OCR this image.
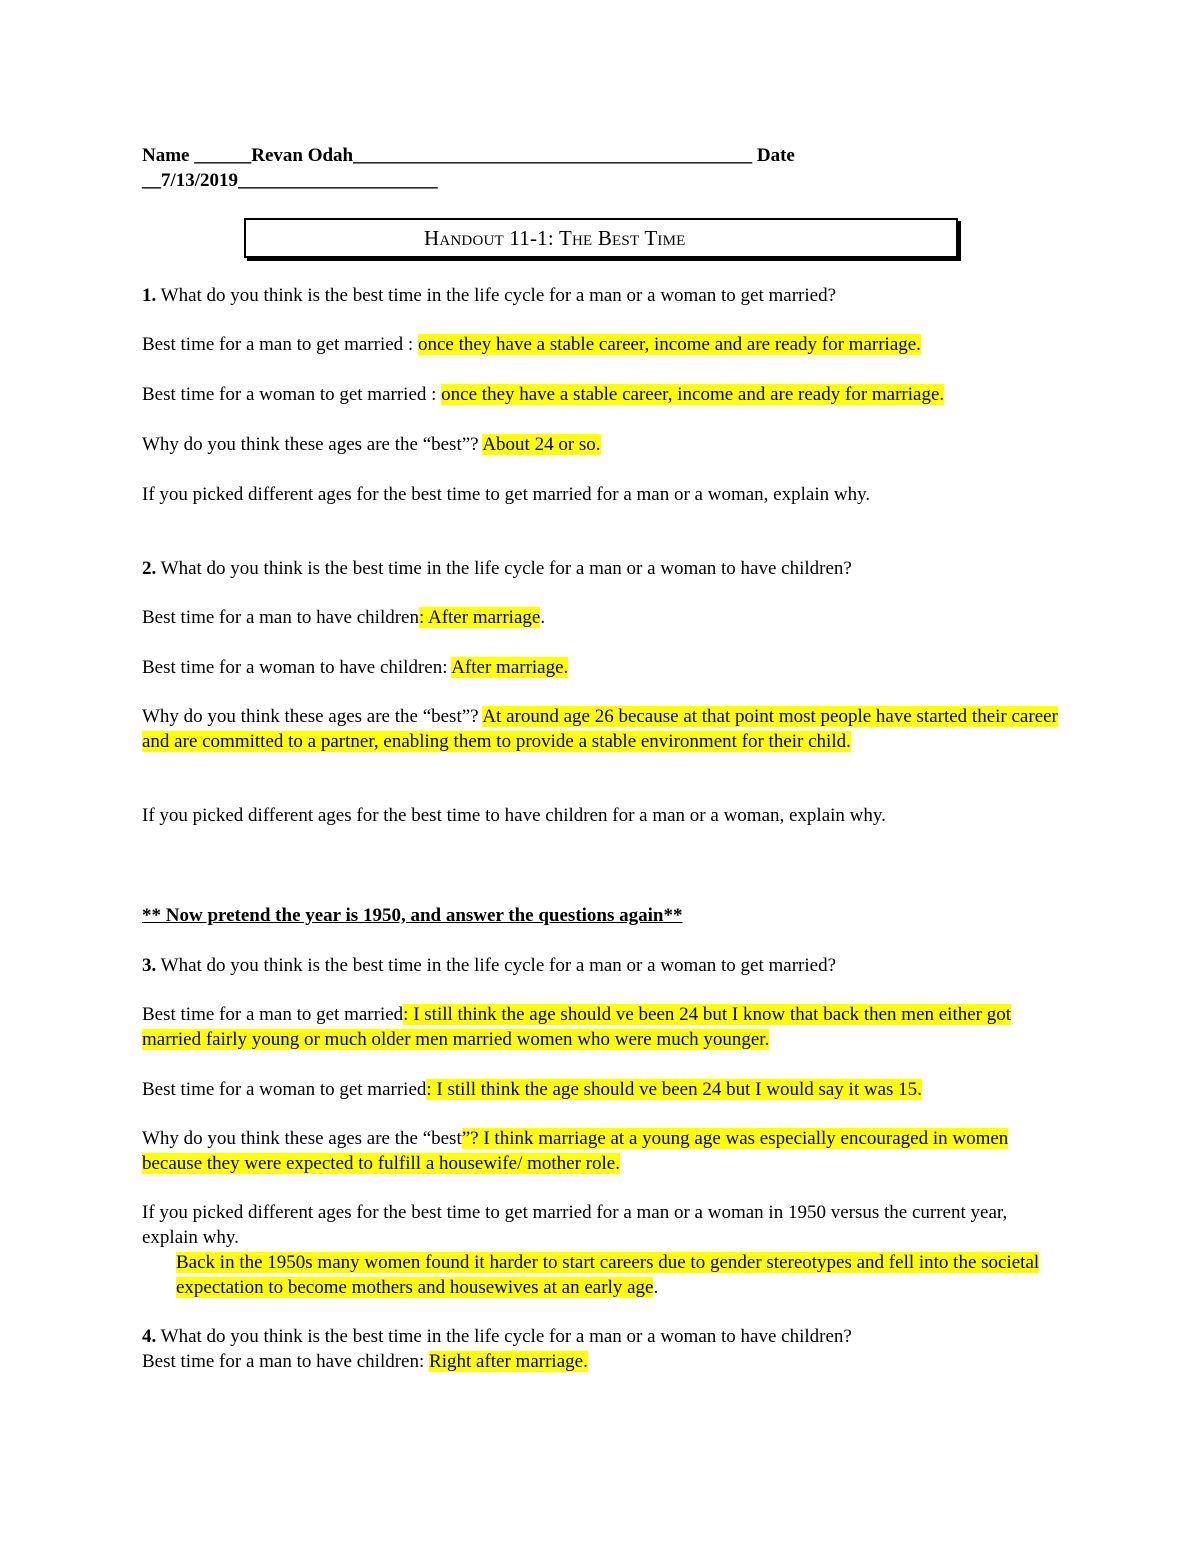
Name ______Revan Odah__________________________________________ Date
__7/13/2019_____________________
Handout 11-1: The Best Time
1. What do you think is the best time in the life cycle for a man or a woman to get married?
Best time for a man to get married : once they have a stable career, income and are ready for marriage.
Best time for a woman to get married : once they have a stable career, income and are ready for marriage.
Why do you think these ages are the “best”? About 24 or so.
If you picked different ages for the best time to get married for a man or a woman, explain why.
2. What do you think is the best time in the life cycle for a man or a woman to have children?
Best time for a man to have children: After marriage.
Best time for a woman to have children: After marriage.
Why do you think these ages are the “best”? At around age 26 because at that point most people have started their career and are committed to a partner, enabling them to provide a stable environment for their child.
If you picked different ages for the best time to have children for a man or a woman, explain why.
** Now pretend the year is 1950, and answer the questions again**
3. What do you think is the best time in the life cycle for a man or a woman to get married?
Best time for a man to get married: I still think the age should ve been 24 but I know that back then men either got married fairly young or much older men married women who were much younger.
Best time for a woman to get married: I still think the age should ve been 24 but I would say it was 15.
Why do you think these ages are the “best”? I think marriage at a young age was especially encouraged in women because they were expected to fulfill a housewife/ mother role.
If you picked different ages for the best time to get married for a man or a woman in 1950 versus the current year, explain why.
Back in the 1950s many women found it harder to start careers due to gender stereotypes and fell into the societal expectation to become mothers and housewives at an early age.
4. What do you think is the best time in the life cycle for a man or a woman to have children?
Best time for a man to have children: Right after marriage.
